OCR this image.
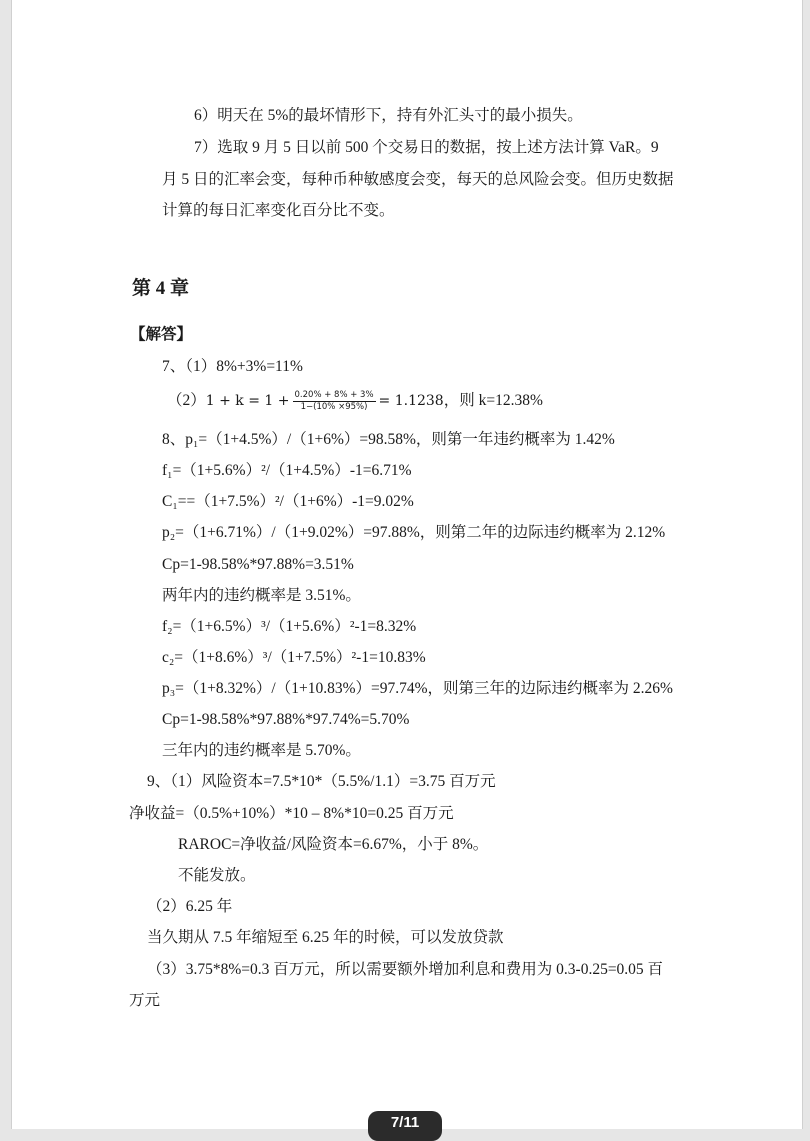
6）明天在 5%的最坏情形下，持有外汇头寸的最小损失。
7）选取 9 月 5 日以前 500 个交易日的数据，按上述方法计算 VaR。9
月 5 日的汇率会变，每种币种敏感度会变，每天的总风险会变。但历史数据
计算的每日汇率变化百分比不变。
第 4 章
【解答】
7、（1）8%+3%=11%
$(2)1 + k = 1 + \frac{0.20\% + 8\% + 3\%}{1-(10\% \times 95\%)} = 1.1238$，则 k=12.38%
8、p₁=（1+4.5%）/（1+6%）=98.58%，则第一年违约概率为 1.42%
f₁=（1+5.6%）²/（1+4.5%）-1=6.71%
C₁==（1+7.5%）²/（1+6%）-1=9.02%
p₂=（1+6.71%）/（1+9.02%）=97.88%，则第二年的边际违约概率为 2.12%
Cp=1-98.58%*97.88%=3.51%
两年内的违约概率是 3.51%。
f₂=（1+6.5%）³/（1+5.6%）²-1=8.32%
c₂=（1+8.6%）³/（1+7.5%）²-1=10.83%
p₃=（1+8.32%）/（1+10.83%）=97.74%，则第三年的边际违约概率为 2.26%
Cp=1-98.58%*97.88%*97.74%=5.70%
三年内的违约概率是 5.70%。
9、（1）风险资本=7.5*10*（5.5%/1.1）=3.75 百万元
净收益=（0.5%+10%）*10 – 8%*10=0.25 百万元
RAROC=净收益/风险资本=6.67%，小于 8%。
不能发放。
（2）6.25 年
当久期从 7.5 年缩短至 6.25 年的时候，可以发放贷款
（3）3.75*8%=0.3 百万元，所以需要额外增加利息和费用为 0.3-0.25=0.05 百
万元
7/11
